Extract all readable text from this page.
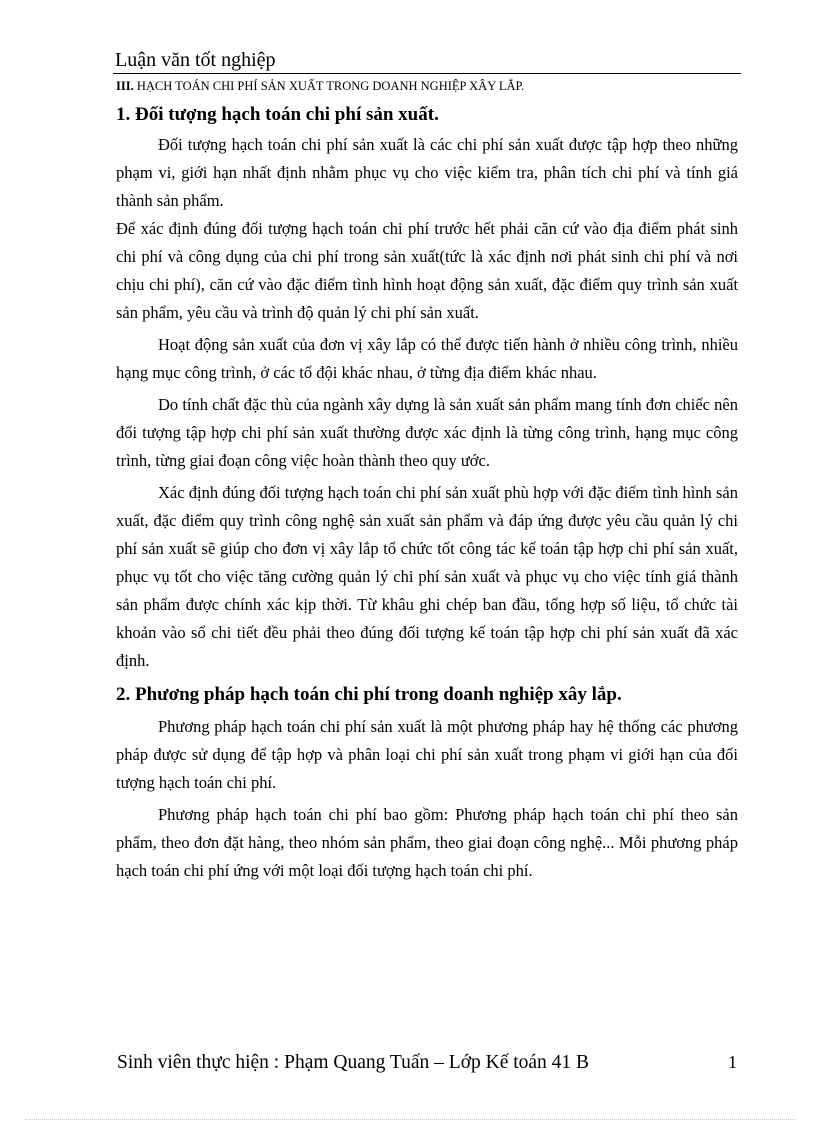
Luận văn tốt nghiệp
III. HẠCH TOÁN CHI PHÍ SẢN XUẤT TRONG DOANH NGHIỆP XÂY LẮP.
1. Đối tượng hạch toán chi phí sản xuất.

Đối tượng hạch toán chi phí sản xuất là các chi phí sản xuất được tập hợp theo những phạm vi, giới hạn nhất định nhằm phục vụ cho việc kiểm tra, phân tích chi phí và tính giá thành sản phẩm.

Để xác định đúng đối tượng hạch toán chi phí trước hết phải căn cứ vào địa điểm phát sinh chi phí và công dụng của chi phí trong sản xuất(tức là xác định nơi phát sinh chi phí và nơi chịu chi phí), căn cứ vào đặc điểm tình hình hoạt động sản xuất, đặc điểm quy trình sản xuất sản phẩm, yêu cầu và trình độ quản lý chi phí sản xuất.

Hoạt động sản xuất của đơn vị xây lắp có thể được tiến hành ở nhiều công trình, nhiều hạng mục công trình, ở các tổ đội khác nhau, ở từng địa điểm khác nhau.

Do tính chất đặc thù của ngành xây dựng là sản xuất sản phẩm mang tính đơn chiếc nên đối tượng tập hợp chi phí sản xuất thường được xác định là từng công trình, hạng mục công trình, từng giai đoạn công việc hoàn thành theo quy ước.

Xác định đúng đối tượng hạch toán chi phí sản xuất phù hợp với đặc điểm tình hình sản xuất, đặc điểm quy trình công nghệ sản xuất sản phẩm và đáp ứng được yêu cầu quản lý chi phí sản xuất sẽ giúp cho đơn vị xây lắp tổ chức tốt công tác kế toán tập hợp chi phí sản xuất, phục vụ tốt cho việc tăng cường quản lý chi phí sản xuất và phục vụ cho việc tính giá thành sản phẩm được chính xác kịp thời. Từ khâu ghi chép ban đầu, tổng hợp số liệu, tổ chức tài khoản vào sổ chi tiết đều phải theo đúng đối tượng kế toán tập hợp chi phí sản xuất đã xác định.

2. Phương pháp hạch toán chi phí trong doanh nghiệp xây lắp.

Phương pháp hạch toán chi phí sản xuất là một phương pháp hay hệ thống các phương pháp được sử dụng để tập hợp và phân loại chi phí sản xuất trong phạm vi giới hạn của đối tượng hạch toán chi phí.

Phương pháp hạch toán chi phí bao gồm: Phương pháp hạch toán chi phí theo sản phẩm, theo đơn đặt hàng, theo nhóm sản phẩm, theo giai đoạn công nghệ... Mỗi phương pháp hạch toán chi phí ứng với một loại đối tượng hạch toán chi phí.

Sinh viên thực hiện : Phạm Quang Tuấn – Lớp Kế toán 41 B	1
